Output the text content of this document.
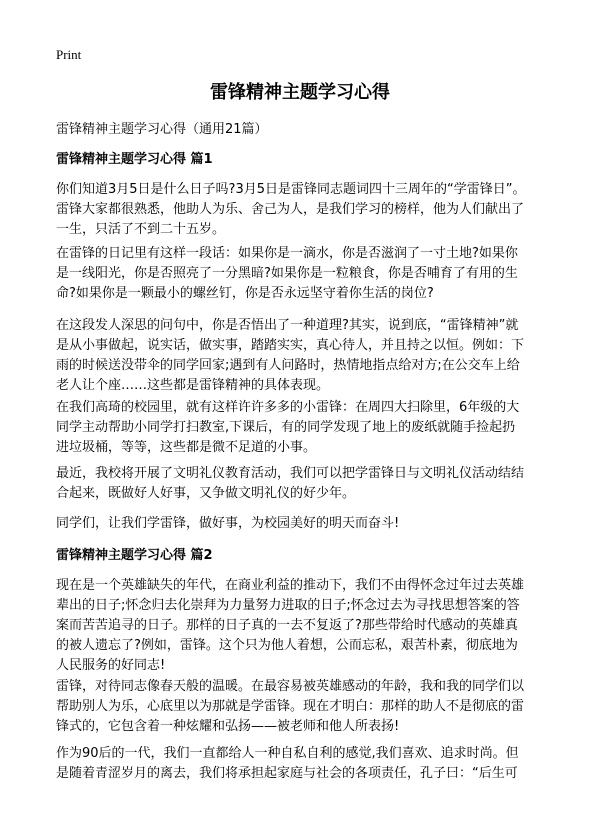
Print
雷锋精神主题学习心得

雷锋精神主题学习心得（通用21篇）

雷锋精神主题学习心得 篇1

你们知道3月5日是什么日子吗?3月5日是雷锋同志题词四十三周年的“学雷锋日”。
雷锋大家都很熟悉，他助人为乐、舍己为人，是我们学习的榜样，他为人们献出了
一生，只活了不到二十五岁。

在雷锋的日记里有这样一段话：如果你是一滴水，你是否滋润了一寸土地?如果你
是一线阳光，你是否照亮了一分黑暗?如果你是一粒粮食，你是否哺育了有用的生
命?如果你是一颗最小的螺丝钉，你是否永远坚守着你生活的岗位?

在这段发人深思的问句中，你是否悟出了一种道理?其实，说到底，“雷锋精神”就
是从小事做起，说实话，做实事，踏踏实实，真心待人，并且持之以恒。例如：下
雨的时候送没带伞的同学回家;遇到有人问路时，热情地指点给对方;在公交车上给
老人让个座……这些都是雷锋精神的具体表现。

在我们高琦的校园里，就有这样许许多多的小雷锋：在周四大扫除里，6年级的大
同学主动帮助小同学打扫教室,下课后，有的同学发现了地上的废纸就随手捡起扔
进垃圾桶，等等，这些都是微不足道的小事。

最近，我校将开展了文明礼仪教育活动，我们可以把学雷锋日与文明礼仪活动结结
合起来，既做好人好事，又争做文明礼仪的好少年。

同学们，让我们学雷锋，做好事，为校园美好的明天而奋斗!

雷锋精神主题学习心得 篇2

现在是一个英雄缺失的年代，在商业利益的推动下，我们不由得怀念过年过去英雄
辈出的日子;怀念归去化崇拜为力量努力进取的日子;怀念过去为寻找思想答案的答
案而苦苦追寻的日子。那样的日子真的一去不复返了?那些带给时代感动的英雄真
的被人遗忘了?例如，雷锋。这个只为他人着想，公而忘私，艰苦朴素，彻底地为
人民服务的好同志!

雷锋，对待同志像春天般的温暖。在最容易被英雄感动的年龄，我和我的同学们以
帮助别人为乐，心底里以为那就是学雷锋。现在才明白：那样的助人不是彻底的雷
锋式的，它包含着一种炫耀和弘扬——被老师和他人所表扬!

作为90后的一代，我们一直都给人一种自私自利的感觉,我们喜欢、追求时尚。但
是随着青涩岁月的离去，我们将承担起家庭与社会的各项责任，孔子曰：“后生可
